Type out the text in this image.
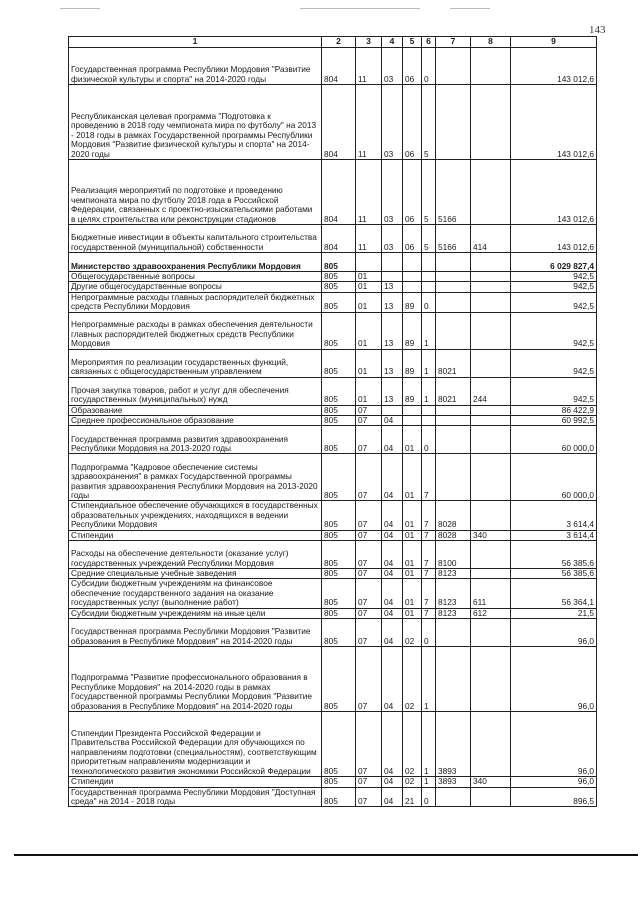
143
1	2	3	4	5	6	7	8	9
Государственная программа Республики Мордовия "Развитие физической культуры и спорта" на 2014-2020 годы	804	11	03	06	0			143 012,6
Республиканская целевая программа "Подготовка к проведению в 2018 году чемпионата мира по футболу" на 2013 - 2018 годы в рамках Государственной программы Республики Мордовия "Развитие физической культуры и спорта" на 2014-2020 годы	804	11	03	06	5			143 012,6
Реализация мероприятий по подготовке и проведению чемпионата мира по футболу 2018 года в Российской Федерации, связанных с проектно-изыскательскими работами в целях строительства или реконструкции стадионов	804	11	03	06	5	5166		143 012,6
Бюджетные инвестиции в объекты капитального строительства государственной (муниципальной) собственности	804	11	03	06	5	5166	414	143 012,6
Министерство здравоохранения Республики Мордовия	805							6 029 827,4
Общегосударственные вопросы	805	01						942,5
Другие общегосударственные вопросы	805	01	13					942,5
Непрограммные расходы главных распорядителей бюджетных средств Республики Мордовия	805	01	13	89	0			942,5
Непрограммные расходы в рамках обеспечения деятельности главных распорядителей бюджетных средств Республики Мордовия	805	01	13	89	1			942,5
Мероприятия по реализации государственных функций, связанных с общегосударственным управлением	805	01	13	89	1	8021		942,5
Прочая закупка товаров, работ и услуг для обеспечения государственных (муниципальных) нужд	805	01	13	89	1	8021	244	942,5
Образование	805	07						86 422,9
Среднее профессиональное образование	805	07	04					60 992,5
Государственная программа развития здравоохранения Республики Мордовия на 2013-2020 годы	805	07	04	01	0			60 000,0
Подпрограмма "Кадровое обеспечение системы здравоохранения" в рамках Государственной программы развития здравоохранения Республики Мордовия на 2013-2020 годы	805	07	04	01	7			60 000,0
Стипендиальное обеспечение обучающихся в государственных образовательных учреждениях, находящихся в ведении Республики Мордовия	805	07	04	01	7	8028		3 614,4
Стипендии	805	07	04	01	7	8028	340	3 614,4
Расходы на обеспечение деятельности (оказание услуг) государственных учреждений Республики Мордовия	805	07	04	01	7	8100		56 385,6
Средние специальные учебные заведения	805	07	04	01	7	8123		56 385,6
Субсидии бюджетным учреждениям на финансовое обеспечение государственного задания на оказание государственных услуг (выполнение работ)	805	07	04	01	7	8123	611	56 364,1
Субсидии бюджетным учреждениям на иные цели	805	07	04	01	7	8123	612	21,5
Государственная программа Республики Мордовия "Развитие образования в Республике Мордовия" на 2014-2020 годы	805	07	04	02	0			96,0
Подпрограмма "Развитие профессионального образования в Республике Мордовия" на 2014-2020 годы в рамках Государственной программы Республики Мордовия "Развитие образования в Республике Мордовия" на 2014-2020 годы	805	07	04	02	1			96,0
Стипендии Президента Российской Федерации и Правительства Российской Федерации для обучающихся по направлениям подготовки (специальностям), соответствующим приоритетным направлениям модернизации и технологического развития экономики Российской Федерации	805	07	04	02	1	3893		96,0
Стипендии	805	07	04	02	1	3893	340	96,0
Государственная программа Республики Мордовия "Доступная среда" на 2014 - 2018 годы	805	07	04	21	0			896,5
